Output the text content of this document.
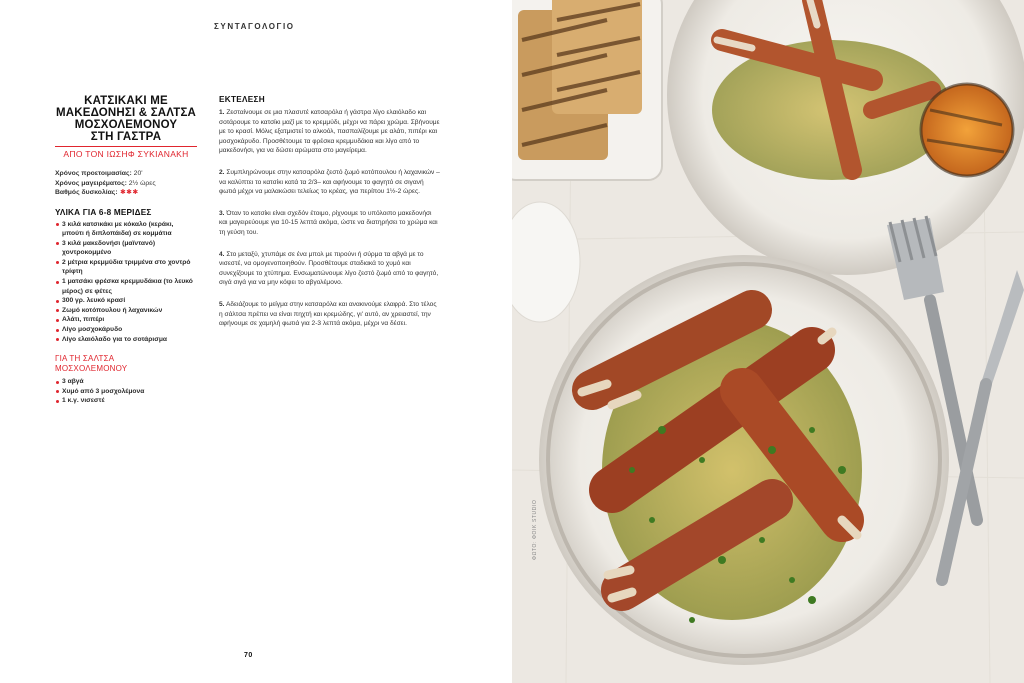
ΣΥΝΤΑΓΟΛΟΓΙΟ
ΚΑΤΣΙΚΑΚΙ ΜΕ
ΜΑΚΕΔΟΝΗΣΙ & ΣΑΛΤΣΑ
ΜΟΣΧΟΛΕΜΟΝΟΥ
ΣΤΗ ΓΑΣΤΡΑ
ΑΠΟ ΤΟΝ ΙΩΣΗΦ ΣΥΚΙΑΝΑΚΗ
Χρόνος προετοιμασίας: 20'
Χρόνος μαγειρέματος: 2½ ώρες
Βαθμός δυσκολίας: ✱✱✱
ΥΛΙΚΑ ΓΙΑ 6-8 ΜΕΡΙΔΕΣ
3 κιλά κατσικάκι με κόκαλο (κεράκι, μπούτι ή διπλοπάιδα) σε κομμάτια
3 κιλά μακεδονήσι (μαϊντανό) χοντροκομμένο
2 μέτρια κρεμμύδια τριμμένα στο χοντρό τρίφτη
1 ματσάκι φρέσκα κρεμμυδάκια (το λευκό μέρος) σε φέτες
300 γρ. λευκό κρασί
Ζωμό κοτόπουλου ή λαχανικών
Αλάτι, πιπέρι
Λίγο μοσχοκάρυδο
Λίγο ελαιόλαδο για το σοτάρισμα
ΓΙΑ ΤΗ ΣΑΛΤΣΑ
ΜΟΣΧΟΛΕΜΟΝΟΥ
3 αβγά
Χυμό από 3 μοσχολέμονα
1 κ.γ. νισεστέ
ΕΚΤΕΛΕΣΗ

1. Ζεσταίνουμε σε μια πλασυτέ κατσαρόλα ή γάστρα λίγο ελαιόλαδο και σοτάρουμε το κατσίκι μαζί με το κρεμμύδι, μέχρι να πάρει χρώμα. Σβήνουμε με το κρασί. Μόλις εξατμιστεί το αλκοόλ, πασπαλίζουμε με αλάτι, πιπέρι και μοσχοκάρυδο. Προσθέτουμε τα φρέσκα κρεμμυδάκια και λίγο από το μακεδονήσι, για να δώσει αρώματα στο μαγείρεμα.

2. Συμπληρώνουμε στην κατσαρόλα ζεστό ζωμό κοτόπουλου ή λαχανικών –να καλύπτει το κατσίκι κατά τα 2/3– και αφήνουμε το φαγητό σε σιγανή φωτιά μέχρι να μαλακώσει τελείως το κρέας, για περίπου 1½-2 ώρες.

3. Όταν το κατσίκι είναι σχεδόν έτοιμο, ρίχνουμε το υπόλοιπο μακεδονήσι και μαγειρεύουμε για 10-15 λεπτά ακόμα, ώστε να διατηρήσει το χρώμα και τη γεύση του.

4. Στο μεταξύ, χτυπάμε σε ένα μπολ με πιρούνι ή σύρμα τα αβγά με το νισεστέ, να ομογενοποιηθούν. Προσθέτουμε σταδιακά το χυμό και συνεχίζουμε το χτύπημα. Ενσωματώνουμε λίγο ζεστό ζωμό από το φαγητό, σιγά σιγά για να μην κόψει το αβγολέμονο.

5. Αδειάζουμε το μείγμα στην κατσαρόλα και ανακινούμε ελαφρά. Στο τέλος η σάλτσα πρέπει να είναι πηχτή και κρεμώδης, γι' αυτό, αν χρειαστεί, την αφήνουμε σε χαμηλή φωτιά για 2-3 λεπτά ακόμα, μέχρι να δέσει.

70
ΦΩΤΟ: ΦΟΙΚ STUDIO
